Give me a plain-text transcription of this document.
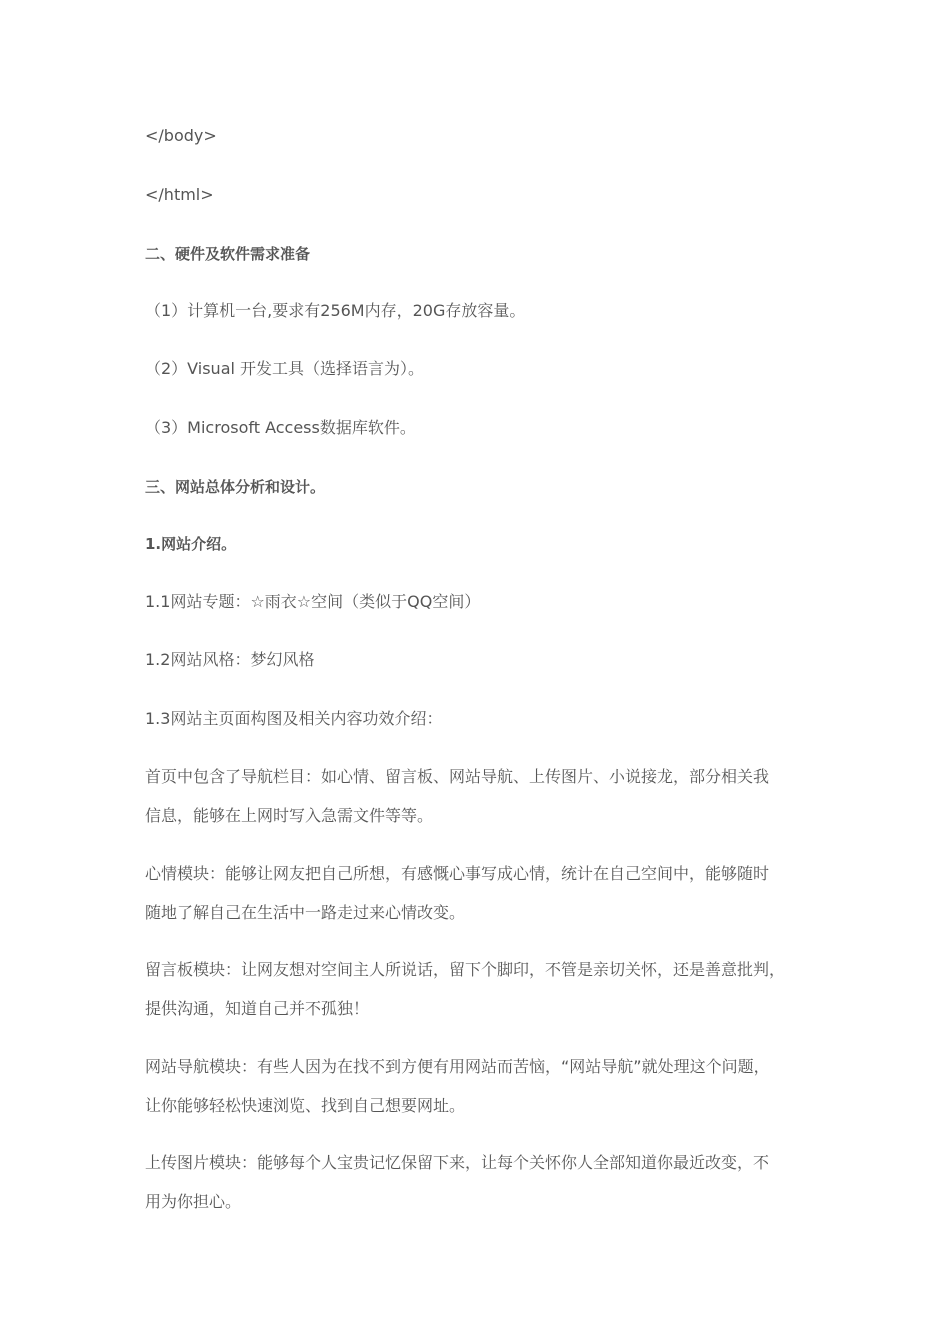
</body>

</html>

二、硬件及软件需求准备

（1）计算机一台,要求有256M内存，20G存放容量。

（2）Visual 开发工具（选择语言为）。

（3）Microsoft Access数据库软件。

三、网站总体分析和设计。

1.网站介绍。

1.1网站专题：☆雨衣☆空间（类似于QQ空间）

1.2网站风格：梦幻风格

1.3网站主页面构图及相关内容功效介绍：

首页中包含了导航栏目：如心情、留言板、网站导航、上传图片、小说接龙，部分相关我

信息，能够在上网时写入急需文件等等。

心情模块：能够让网友把自己所想，有感慨心事写成心情，统计在自己空间中，能够随时

随地了解自己在生活中一路走过来心情改变。

留言板模块：让网友想对空间主人所说话，留下个脚印，不管是亲切关怀，还是善意批判，

提供沟通，知道自己并不孤独！

网站导航模块：有些人因为在找不到方便有用网站而苦恼，“网站导航”就处理这个问题，

让你能够轻松快速浏览、找到自己想要网址。

上传图片模块：能够每个人宝贵记忆保留下来，让每个关怀你人全部知道你最近改变，不

用为你担心。
